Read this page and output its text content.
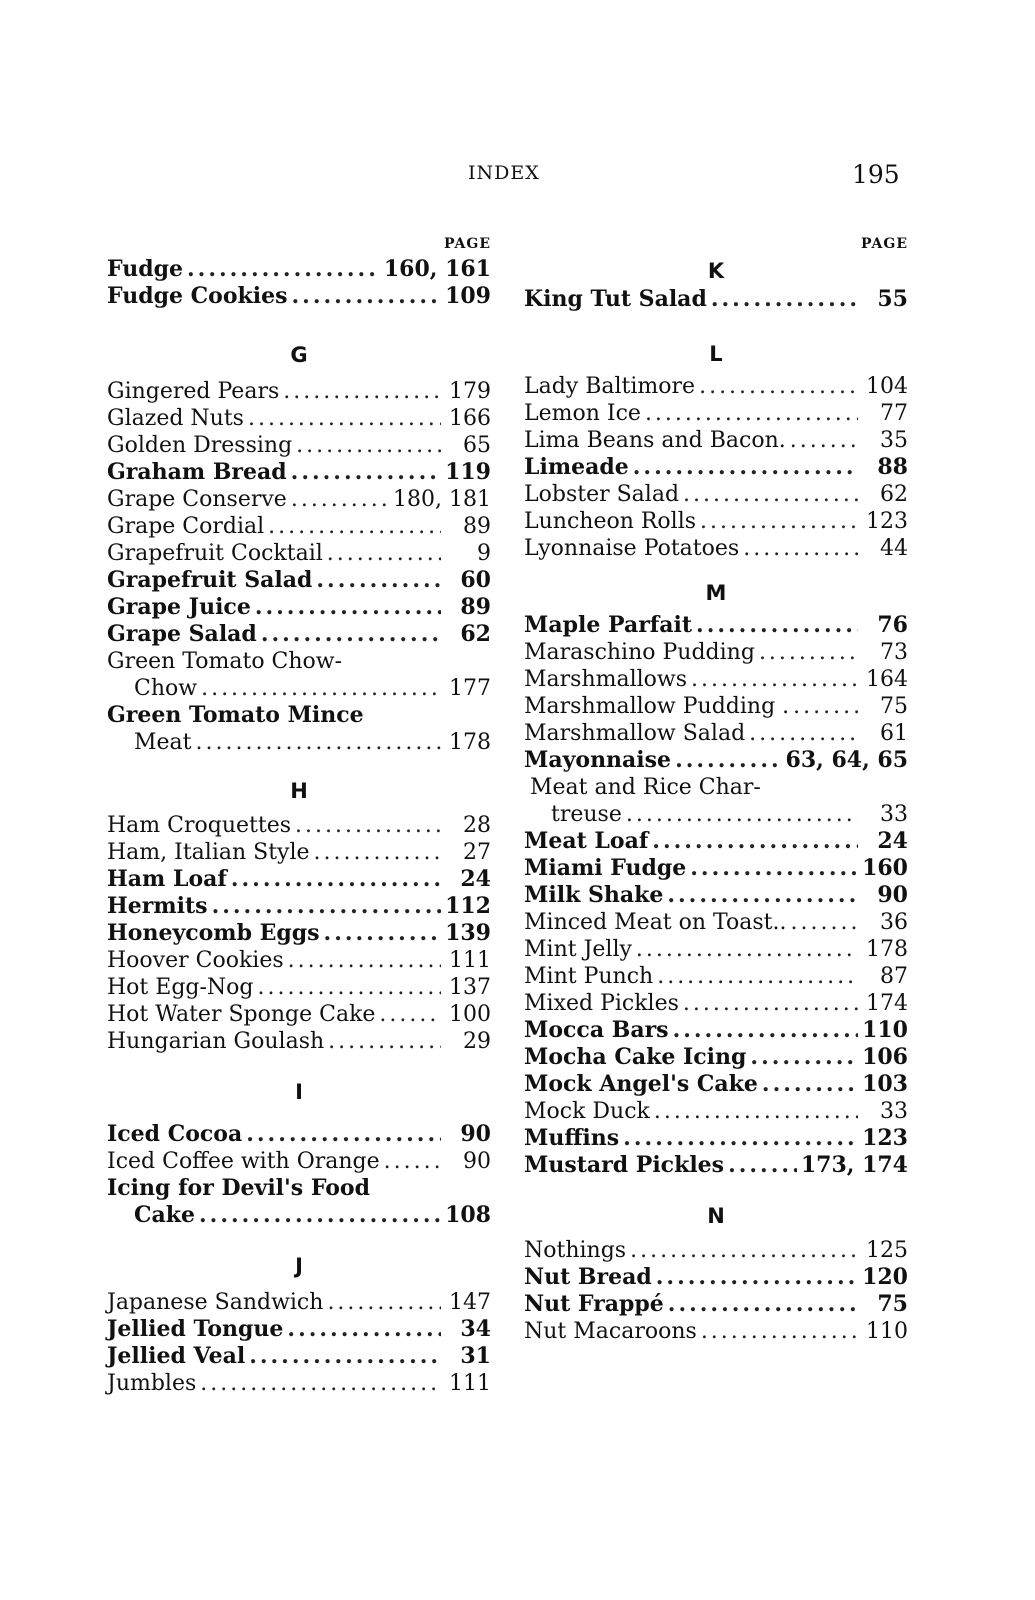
INDEX	195
PAGE
Fudge .....	160, 161
Fudge Cookies .....	109
G
Gingered Pears .....	179
Glazed Nuts .....	166
Golden Dressing .....	65
Graham Bread .....	119
Grape Conserve .....	180, 181
Grape Cordial .....	89
Grapefruit Cocktail .....	9
Grapefruit Salad .....	60
Grape Juice .....	89
Grape Salad .....	62
Green Tomato Chow-
Chow .....	177
Green Tomato Mince
Meat .....	178
H
Ham Croquettes .....	28
Ham, Italian Style .....	27
Ham Loaf .....	24
Hermits .....	112
Honeycomb Eggs .....	139
Hoover Cookies .....	111
Hot Egg-Nog .....	137
Hot Water Sponge Cake .....	100
Hungarian Goulash .....	29
I
Iced Cocoa .....	90
Iced Coffee with Orange .....	90
Icing for Devil's Food
Cake .....	108
J
Japanese Sandwich .....	147
Jellied Tongue .....	34
Jellied Veal .....	31
Jumbles .....	111
PAGE
K
King Tut Salad .....	55
L
Lady Baltimore .....	104
Lemon Ice .....	77
Lima Beans and Bacon. .....	35
Limeade .....	88
Lobster Salad .....	62
Luncheon Rolls .....	123
Lyonnaise Potatoes .....	44
M
Maple Parfait .....	76
Maraschino Pudding .....	73
Marshmallows .....	164
Marshmallow Pudding . .....	75
Marshmallow Salad .....	61
Mayonnaise .....	63, 64, 65
Meat and Rice Char-
treuse .....	33
Meat Loaf .....	24
Miami Fudge .....	160
Milk Shake .....	90
Minced Meat on Toast.. .....	36
Mint Jelly .....	178
Mint Punch .....	87
Mixed Pickles .....	174
Mocca Bars .....	110
Mocha Cake Icing .....	106
Mock Angel's Cake .....	103
Mock Duck .....	33
Muffins .....	123
Mustard Pickles .....	173, 174
N
Nothings .....	125
Nut Bread .....	120
Nut Frappé .....	75
Nut Macaroons .....	110
